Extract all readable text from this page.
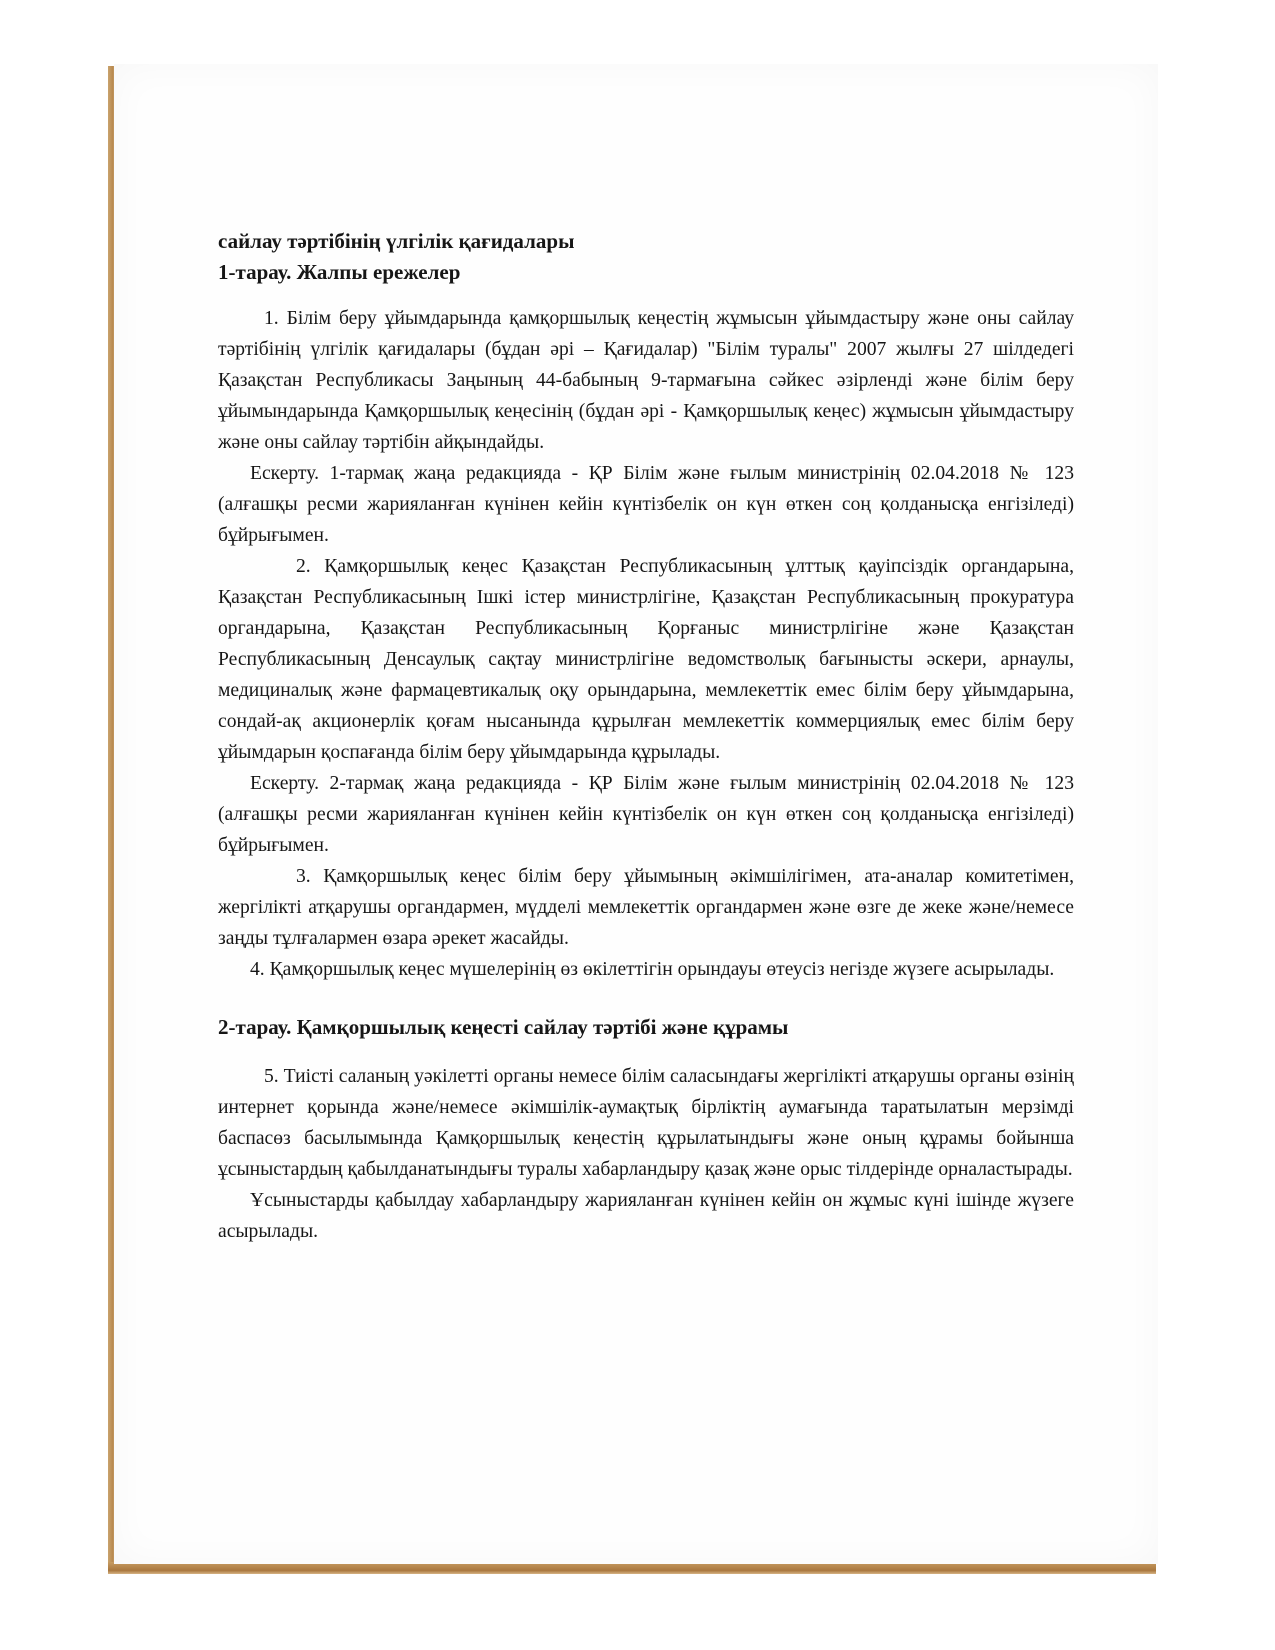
сайлау тәртібінің үлгілік қағидалары

1-тарау. Жалпы ережелер

1. Білім беру ұйымдарында қамқоршылық кеңестің жұмысын ұйымдастыру және оны сайлау тәртібінің үлгілік қағидалары (бұдан әрі – Қағидалар) "Білім туралы" 2007 жылғы 27 шілдедегі Қазақстан Республикасы Заңының 44-бабының 9-тармағына сәйкес әзірленді және білім беру ұйымындарында Қамқоршылық кеңесінің (бұдан әрі - Қамқоршылық кеңес) жұмысын ұйымдастыру және оны сайлау тәртібін айқындайды.

Ескерту. 1-тармақ жаңа редакцияда - ҚР Білім және ғылым министрінің 02.04.2018 № 123 (алғашқы ресми жарияланған күнінен кейін күнтізбелік он күн өткен соң қолданысқа енгізіледі) бұйрығымен.

2. Қамқоршылық кеңес Қазақстан Республикасының ұлттық қауіпсіздік органдарына, Қазақстан Республикасының Ішкі істер министрлігіне, Қазақстан Республикасының прокуратура органдарына, Қазақстан Республикасының Қорғаныс министрлігіне және Қазақстан Республикасының Денсаулық сақтау министрлігіне ведомстволық бағынысты әскери, арнаулы, медициналық және фармацевтикалық оқу орындарына, мемлекеттік емес білім беру ұйымдарына, сондай-ақ акционерлік қоғам нысанында құрылған мемлекеттік коммерциялық емес білім беру ұйымдарын қоспағанда білім беру ұйымдарында құрылады.

Ескерту. 2-тармақ жаңа редакцияда - ҚР Білім және ғылым министрінің 02.04.2018 № 123 (алғашқы ресми жарияланған күнінен кейін күнтізбелік он күн өткен соң қолданысқа енгізіледі) бұйрығымен.

3. Қамқоршылық кеңес білім беру ұйымының әкімшілігімен, ата-аналар комитетімен, жергілікті атқарушы органдармен, мүдделі мемлекеттік органдармен және өзге де жеке және/немесе заңды тұлғалармен өзара әрекет жасайды.

4. Қамқоршылық кеңес мүшелерінің өз өкілеттігін орындауы өтеусіз негізде жүзеге асырылады.

2-тарау. Қамқоршылық кеңесті сайлау тәртібі және құрамы

5. Тиісті саланың уәкілетті органы немесе білім саласындағы жергілікті атқарушы органы өзінің интернет қорында және/немесе әкімшілік-аумақтық бірліктің аумағында таратылатын мерзімді баспасөз басылымында Қамқоршылық кеңестің құрылатындығы және оның құрамы бойынша ұсыныстардың қабылданатындығы туралы хабарландыру қазақ және орыс тілдерінде орналастырады.

Ұсыныстарды қабылдау хабарландыру жарияланған күнінен кейін он жұмыс күні ішінде жүзеге асырылады.
